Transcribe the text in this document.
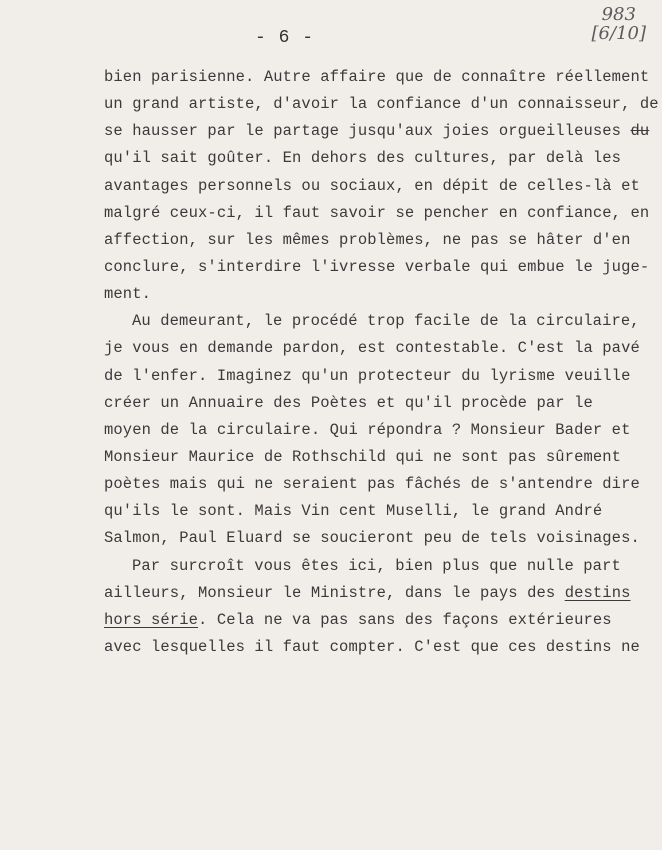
- 6 -
983
[6/10]
bien parisienne. Autre affaire que de connaître réellement
un grand artiste, d'avoir la confiance d'un connaisseur, de
se hausser par le partage jusqu'aux joies orgueilleuses du
qu'il sait goûter. En dehors des cultures, par delà les
avantages personnels ou sociaux, en dépit de celles-là et
malgré ceux-ci, il faut savoir se pencher en confiance, en
affection, sur les mêmes problèmes, ne pas se hâter d'en
conclure, s'interdire l'ivresse verbale qui embue le juge-
ment.
Au demeurant, le procédé trop facile de la circulaire,
je vous en demande pardon, est contestable. C'est la pavé
de l'enfer. Imaginez qu'un protecteur du lyrisme veuille
créer un Annuaire des Poètes et qu'il procède par le
moyen de la circulaire. Qui répondra ? Monsieur Bader et
Monsieur Maurice de Rothschild qui ne sont pas sûrement
poètes mais qui ne seraient pas fâchés de s'antendre dire
qu'ils le sont. Mais Vin cent Muselli, le grand André
Salmon, Paul Eluard se soucieront peu de tels voisinages.
Par surcroît vous êtes ici, bien plus que nulle part
ailleurs, Monsieur le Ministre, dans le pays des destins
hors série. Cela ne va pas sans des façons extérieures
avec lesquelles il faut compter. C'est que ces destins ne
